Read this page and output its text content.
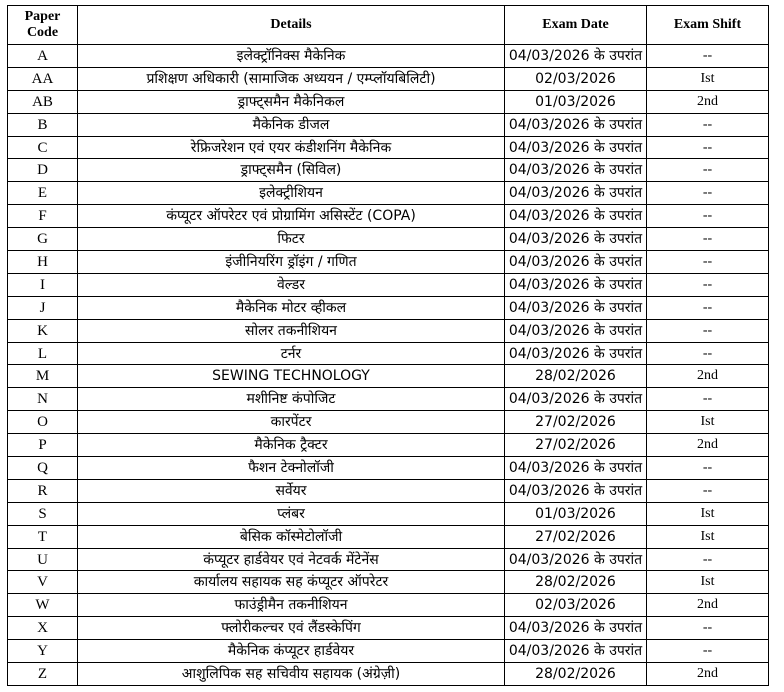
Paper Code	Details	Exam Date	Exam Shift
A	इलेक्ट्रॉनिक्स मैकेनिक	04/03/2026 के उपरांत	--
AA	प्रशिक्षण अधिकारी (सामाजिक अध्ययन / एम्प्लॉयबिलिटी)	02/03/2026	Ist
AB	ड्राफ्ट्समैन मैकेनिकल	01/03/2026	2nd
B	मैकेनिक डीजल	04/03/2026 के उपरांत	--
C	रेफ्रिजरेशन एवं एयर कंडीशनिंग मैकेनिक	04/03/2026 के उपरांत	--
D	ड्राफ्ट्समैन (सिविल)	04/03/2026 के उपरांत	--
E	इलेक्ट्रीशियन	04/03/2026 के उपरांत	--
F	कंप्यूटर ऑपरेटर एवं प्रोग्रामिंग असिस्टेंट (COPA)	04/03/2026 के उपरांत	--
G	फिटर	04/03/2026 के उपरांत	--
H	इंजीनियरिंग ड्रॉइंग / गणित	04/03/2026 के उपरांत	--
I	वेल्डर	04/03/2026 के उपरांत	--
J	मैकेनिक मोटर व्हीकल	04/03/2026 के उपरांत	--
K	सोलर तकनीशियन	04/03/2026 के उपरांत	--
L	टर्नर	04/03/2026 के उपरांत	--
M	SEWING TECHNOLOGY	28/02/2026	2nd
N	मशीनिष्ट कंपोजिट	04/03/2026 के उपरांत	--
O	कारपेंटर	27/02/2026	Ist
P	मैकेनिक ट्रैक्टर	27/02/2026	2nd
Q	फैशन टेक्नोलॉजी	04/03/2026 के उपरांत	--
R	सर्वेयर	04/03/2026 के उपरांत	--
S	प्लंबर	01/03/2026	Ist
T	बेसिक कॉस्मेटोलॉजी	27/02/2026	Ist
U	कंप्यूटर हार्डवेयर एवं नेटवर्क मेंटेनेंस	04/03/2026 के उपरांत	--
V	कार्यालय सहायक सह कंप्यूटर ऑपरेटर	28/02/2026	Ist
W	फाउंड्रीमैन तकनीशियन	02/03/2026	2nd
X	फ्लोरीकल्चर एवं लैंडस्केपिंग	04/03/2026 के उपरांत	--
Y	मैकेनिक कंप्यूटर हार्डवेयर	04/03/2026 के उपरांत	--
Z	आशुलिपिक सह सचिवीय सहायक (अंग्रेज़ी)	28/02/2026	2nd
